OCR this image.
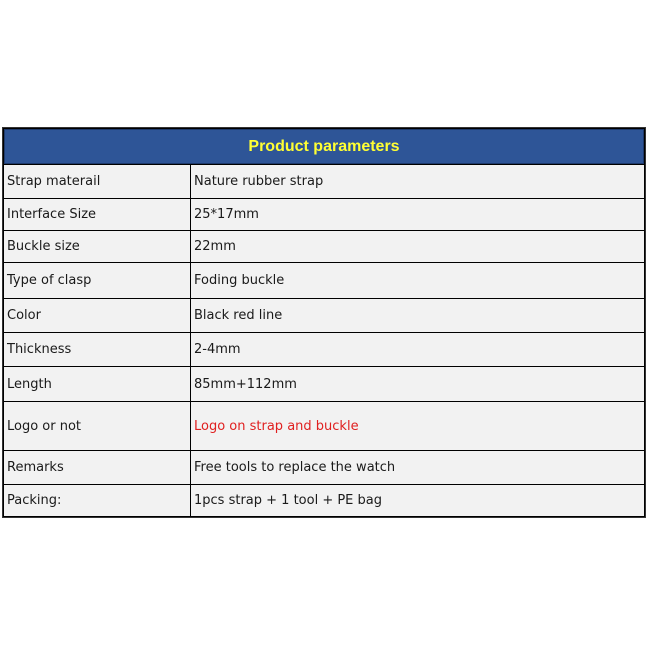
Product parameters
Strap materail	Nature rubber strap
Interface Size	25*17mm
Buckle size	22mm
Type of clasp	Foding buckle
Color	Black red line
Thickness	2-4mm
Length	85mm+112mm
Logo or not	Logo on strap and buckle
Remarks	Free tools to replace the watch
Packing:	1pcs strap + 1 tool + PE bag
